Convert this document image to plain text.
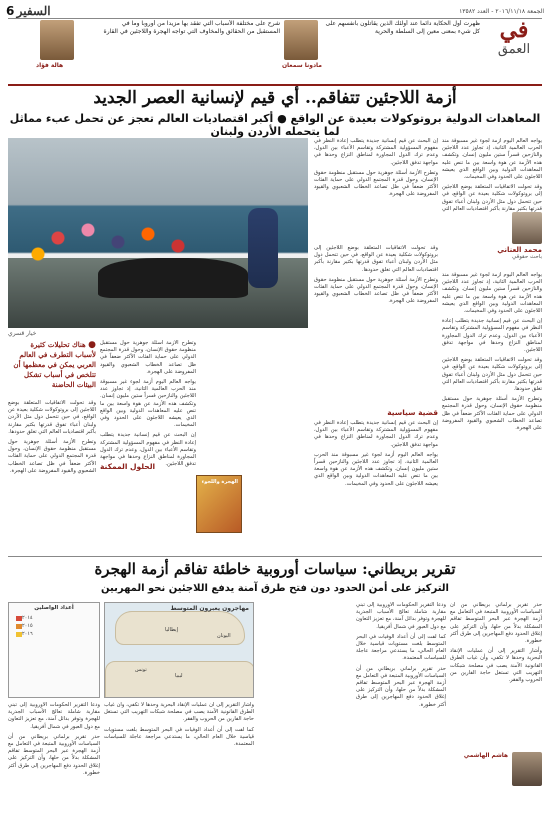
الجمعة ٢٠١٦/١١/١٨ - العدد ١٣٥٨٢
السفير 6
في
العمق
ظهرت أول الحكاية دائماً عند أولئك الذين يقاتلون بأنفسهم على كل شيء بمعنى معين إلى السلطة والحرية
مادونا سمعان
شرح على مختلفة الأسباب التي تفقد بها مزيداً من أوروبا وما في المستقبل من الحقائق والمخاوف التي تواجه الهجرة واللاجئين في القارة
هالة فؤاد
أزمة اللاجئين تتفاقم.. أي قيم لإنسانية العصر الجديد
المعاهدات الدولية بروتوكولات بعيدة عن الواقع ● أكبر اقتصاديات العالم تعجز عن تحمل عبء مماثل لما يتحمله الأردن ولبنان
خيار قسري

يواجه العالم اليوم أزمة لجوء غير مسبوقة منذ الحرب العالمية الثانية، إذ تجاوز عدد اللاجئين والنازحين قسراً ستين مليون إنسان. وتكشف هذه الأزمة عن هوة واسعة بين ما تنص عليه المعاهدات الدولية وبين الواقع الذي يعيشه اللاجئون على الحدود وفي المخيمات.

وقد تحولت الاتفاقيات المتعلقة بوضع اللاجئين إلى بروتوكولات شكلية بعيدة عن الواقع، في حين تتحمل دول مثل الأردن ولبنان أعباء تفوق قدرتها بكثير مقارنة بأكبر اقتصاديات العالم التي

إن البحث عن قيم إنسانية جديدة يتطلب إعادة النظر في مفهوم المسؤولية المشتركة وتقاسم الأعباء بين الدول، وعدم ترك الدول المجاورة لمناطق النزاع وحدها في مواجهة تدفق اللاجئين.

وتطرح الأزمة أسئلة جوهرية حول مستقبل منظومة حقوق الإنسان، وحول قدرة المجتمع الدولي على حماية الفئات الأكثر ضعفاً في ظل تصاعد الخطاب الشعبوي والقيود المفروضة على الهجرة.

محمد العناني
باحث حقوقي

يواجه العالم اليوم أزمة لجوء غير مسبوقة منذ الحرب العالمية الثانية، إذ تجاوز عدد اللاجئين والنازحين قسراً ستين مليون إنسان. وتكشف هذه الأزمة عن هوة واسعة بين ما تنص عليه المعاهدات الدولية وبين الواقع الذي يعيشه اللاجئون على الحدود وفي المخيمات.

إن البحث عن قيم إنسانية جديدة يتطلب إعادة النظر في مفهوم المسؤولية المشتركة وتقاسم الأعباء بين الدول، وعدم ترك الدول المجاورة لمناطق النزاع وحدها في مواجهة تدفق اللاجئين.

وقد تحولت الاتفاقيات المتعلقة بوضع اللاجئين إلى بروتوكولات شكلية بعيدة عن الواقع، في حين تتحمل دول مثل الأردن ولبنان أعباء تفوق قدرتها بكثير مقارنة بأكبر اقتصاديات العالم التي تغلق حدودها.

وتطرح الأزمة أسئلة جوهرية حول مستقبل منظومة حقوق الإنسان، وحول قدرة المجتمع الدولي على حماية الفئات الأكثر ضعفاً في ظل تصاعد الخطاب الشعبوي والقيود المفروضة على الهجرة.

وقد تحولت الاتفاقيات المتعلقة بوضع اللاجئين إلى بروتوكولات شكلية بعيدة عن الواقع، في حين تتحمل دول مثل الأردن ولبنان أعباء تفوق قدرتها بكثير مقارنة بأكبر اقتصاديات العالم التي تغلق حدودها.

وتطرح الأزمة أسئلة جوهرية حول مستقبل منظومة حقوق الإنسان، وحول قدرة المجتمع الدولي على حماية الفئات الأكثر ضعفاً في ظل تصاعد الخطاب الشعبوي والقيود المفروضة على الهجرة.

قضية سياسية

إن البحث عن قيم إنسانية جديدة يتطلب إعادة النظر في مفهوم المسؤولية المشتركة وتقاسم الأعباء بين الدول، وعدم ترك الدول المجاورة لمناطق النزاع وحدها في مواجهة تدفق اللاجئين.

يواجه العالم اليوم أزمة لجوء غير مسبوقة منذ الحرب العالمية الثانية، إذ تجاوز عدد اللاجئين والنازحين قسراً ستين مليون إنسان. وتكشف هذه الأزمة عن هوة واسعة بين ما تنص عليه المعاهدات الدولية وبين الواقع الذي يعيشه اللاجئون على الحدود وفي المخيمات.

وتطرح الأزمة أسئلة جوهرية حول مستقبل منظومة حقوق الإنسان، وحول قدرة المجتمع الدولي على حماية الفئات الأكثر ضعفاً في ظل تصاعد الخطاب الشعبوي والقيود المفروضة على الهجرة.

يواجه العالم اليوم أزمة لجوء غير مسبوقة منذ الحرب العالمية الثانية، إذ تجاوز عدد اللاجئين والنازحين قسراً ستين مليون إنسان. وتكشف هذه الأزمة عن هوة واسعة بين ما تنص عليه المعاهدات الدولية وبين الواقع الذي يعيشه اللاجئون على الحدود وفي المخيمات.

إن البحث عن قيم إنسانية جديدة يتطلب إعادة النظر في مفهوم المسؤولية المشتركة وتقاسم الأعباء بين الدول، وعدم ترك الدول المجاورة لمناطق النزاع وحدها في مواجهة تدفق اللاجئين.

الحلول الممكنة
الهجرة واللجوء
● هناك تحليلات كثيرة لأسباب التطرف في العالم العربي يمكن في معظمها أن تتلخص في أسباب تشكل البيئات الحاضنة

وقد تحولت الاتفاقيات المتعلقة بوضع اللاجئين إلى بروتوكولات شكلية بعيدة عن الواقع، في حين تتحمل دول مثل الأردن ولبنان أعباء تفوق قدرتها بكثير مقارنة بأكبر اقتصاديات العالم التي تغلق حدودها.

وتطرح الأزمة أسئلة جوهرية حول مستقبل منظومة حقوق الإنسان، وحول قدرة المجتمع الدولي على حماية الفئات الأكثر ضعفاً في ظل تصاعد الخطاب الشعبوي والقيود المفروضة على الهجرة.

تقرير بريطاني: سياسات أوروبية خاطئة تفاقم أزمة الهجرة
التركيز على أمن الحدود دون فتح طرق آمنة يدفع اللاجئين نحو المهربين

حذر تقرير برلماني بريطاني من أن السياسات الأوروبية المتبعة في التعامل مع أزمة الهجرة عبر البحر المتوسط تفاقم المشكلة بدلاً من حلها، وأن التركيز على إغلاق الحدود دفع المهاجرين إلى طرق أكثر خطورة.

وأشار التقرير إلى أن عمليات الإنقاذ البحرية وحدها لا تكفي، وأن غياب الطرق القانونية الآمنة يصب في مصلحة شبكات التهريب التي تستغل حاجة الفارين من الحروب والفقر.

ودعا التقرير الحكومات الأوروبية إلى تبني مقاربة شاملة تعالج الأسباب الجذرية للهجرة وتوفر بدائل آمنة، مع تعزيز التعاون مع دول العبور في شمال أفريقيا.

كما لفت إلى أن أعداد الوفيات في البحر المتوسط بلغت مستويات قياسية خلال العام الحالي، ما يستدعي مراجعة عاجلة للسياسات المعتمدة.

حذر تقرير برلماني بريطاني من أن السياسات الأوروبية المتبعة في التعامل مع أزمة الهجرة عبر البحر المتوسط تفاقم المشكلة بدلاً من حلها، وأن التركيز على إغلاق الحدود دفع المهاجرين إلى طرق أكثر خطورة.

وأشار التقرير إلى أن عمليات الإنقاذ البحرية وحدها لا تكفي، وأن غياب الطرق القانونية الآمنة يصب في مصلحة شبكات التهريب التي تستغل حاجة الفارين من الحروب والفقر.

كما لفت إلى أن أعداد الوفيات في البحر المتوسط بلغت مستويات قياسية خلال العام الحالي، ما يستدعي مراجعة عاجلة للسياسات المعتمدة.

ودعا التقرير الحكومات الأوروبية إلى تبني مقاربة شاملة تعالج الأسباب الجذرية للهجرة وتوفر بدائل آمنة، مع تعزيز التعاون مع دول العبور في شمال أفريقيا.

حذر تقرير برلماني بريطاني من أن السياسات الأوروبية المتبعة في التعامل مع أزمة الهجرة عبر البحر المتوسط تفاقم المشكلة بدلاً من حلها، وأن التركيز على إغلاق الحدود دفع المهاجرين إلى طرق أكثر خطورة.

مهاجرون يعبرون المتوسط
إيطاليا
اليونان
ليبيا
تونس
أعداد الواصلين
٢٠١٤
٢٠١٥
٢٠١٦
هاشم الهاشمي
